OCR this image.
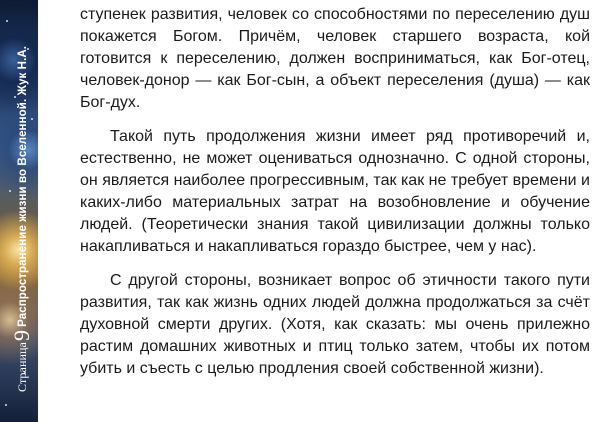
Страница9Распространение жизни во Вселенной. Жук Н.А.

ступенек развития, человек со способностями по переселению душ покажется Богом. Причём, человек старшего возраста, кой готовится к переселению, должен восприниматься, как Бог-отец, человек-донор — как Бог-сын, а объект переселения (душа) — как Бог-дух.

Такой путь продолжения жизни имеет ряд противоречий и, естественно, не может оцениваться однозначно. С одной стороны, он является наиболее прогрессивным, так как не требует времени и каких-либо материальных затрат на возобновление и обучение людей. (Теоретически знания такой цивилизации должны только накапливаться и накапливаться гораздо быстрее, чем у нас).

С другой стороны, возникает вопрос об этичности такого пути развития, так как жизнь одних людей должна продолжаться за счёт духовной смерти других. (Хотя, как сказать: мы очень прилежно растим домашних животных и птиц только затем, чтобы их потом убить и съесть с целью продления своей собственной жизни).
